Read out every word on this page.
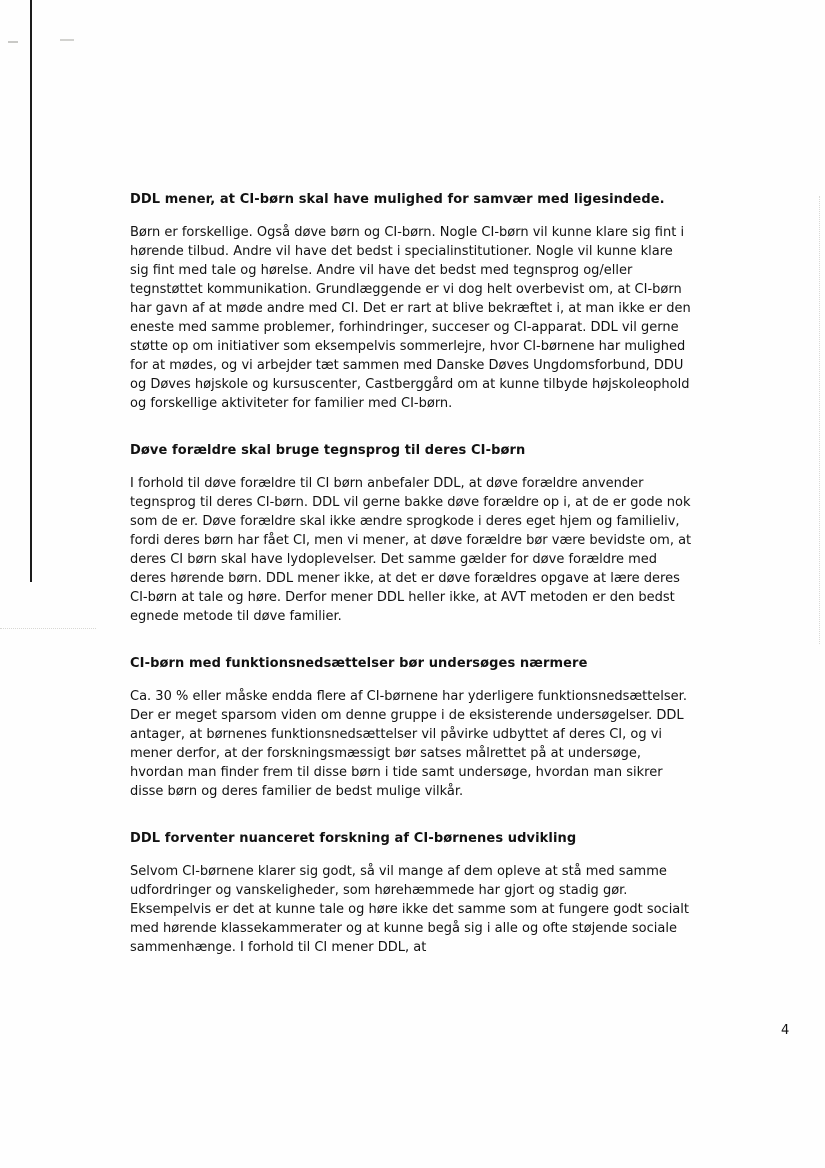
DDL mener, at CI-børn skal have mulighed for samvær med ligesindede.

Børn er forskellige. Også døve børn og CI-børn. Nogle CI-børn vil kunne klare sig fint i hørende tilbud. Andre vil have det bedst i specialinstitutioner. Nogle vil kunne klare sig fint med tale og hørelse. Andre vil have det bedst med tegnsprog og/eller tegnstøttet kommunikation. Grundlæggende er vi dog helt overbevist om, at CI-børn har gavn af at møde andre med CI. Det er rart at blive bekræftet i, at man ikke er den eneste med samme problemer, forhindringer, succeser og CI-apparat. DDL vil gerne støtte op om initiativer som eksempelvis sommerlejre, hvor CI-børnene har mulighed for at mødes, og vi arbejder tæt sammen med Danske Døves Ungdomsforbund, DDU og Døves højskole og kursuscenter, Castberggård om at kunne tilbyde højskoleophold og forskellige aktiviteter for familier med CI-børn.

Døve forældre skal bruge tegnsprog til deres CI-børn

I forhold til døve forældre til CI børn anbefaler DDL, at døve forældre anvender tegnsprog til deres CI-børn. DDL vil gerne bakke døve forældre op i, at de er gode nok som de er. Døve forældre skal ikke ændre sprogkode i deres eget hjem og familieliv, fordi deres børn har fået CI, men vi mener, at døve forældre bør være bevidste om, at deres CI børn skal have lydoplevelser. Det samme gælder for døve forældre med deres hørende børn. DDL mener ikke, at det er døve forældres opgave at lære deres CI-børn at tale og høre. Derfor mener DDL heller ikke, at AVT metoden er den bedst egnede metode til døve familier.

CI-børn med funktionsnedsættelser bør undersøges nærmere

Ca. 30 % eller måske endda flere af CI-børnene har yderligere funktionsnedsættelser. Der er meget sparsom viden om denne gruppe i de eksisterende undersøgelser. DDL antager, at børnenes funktionsnedsættelser vil påvirke udbyttet af deres CI, og vi mener derfor, at der forskningsmæssigt bør satses målrettet på at undersøge, hvordan man finder frem til disse børn i tide samt undersøge, hvordan man sikrer disse børn og deres familier de bedst mulige vilkår.

DDL forventer nuanceret forskning af CI-børnenes udvikling

Selvom CI-børnene klarer sig godt, så vil mange af dem opleve at stå med samme udfordringer og vanskeligheder, som hørehæmmede har gjort og stadig gør. Eksempelvis er det at kunne tale og høre ikke det samme som at fungere godt socialt med hørende klassekammerater og at kunne begå sig i alle og ofte støjende sociale sammenhænge. I forhold til CI mener DDL, at

4
